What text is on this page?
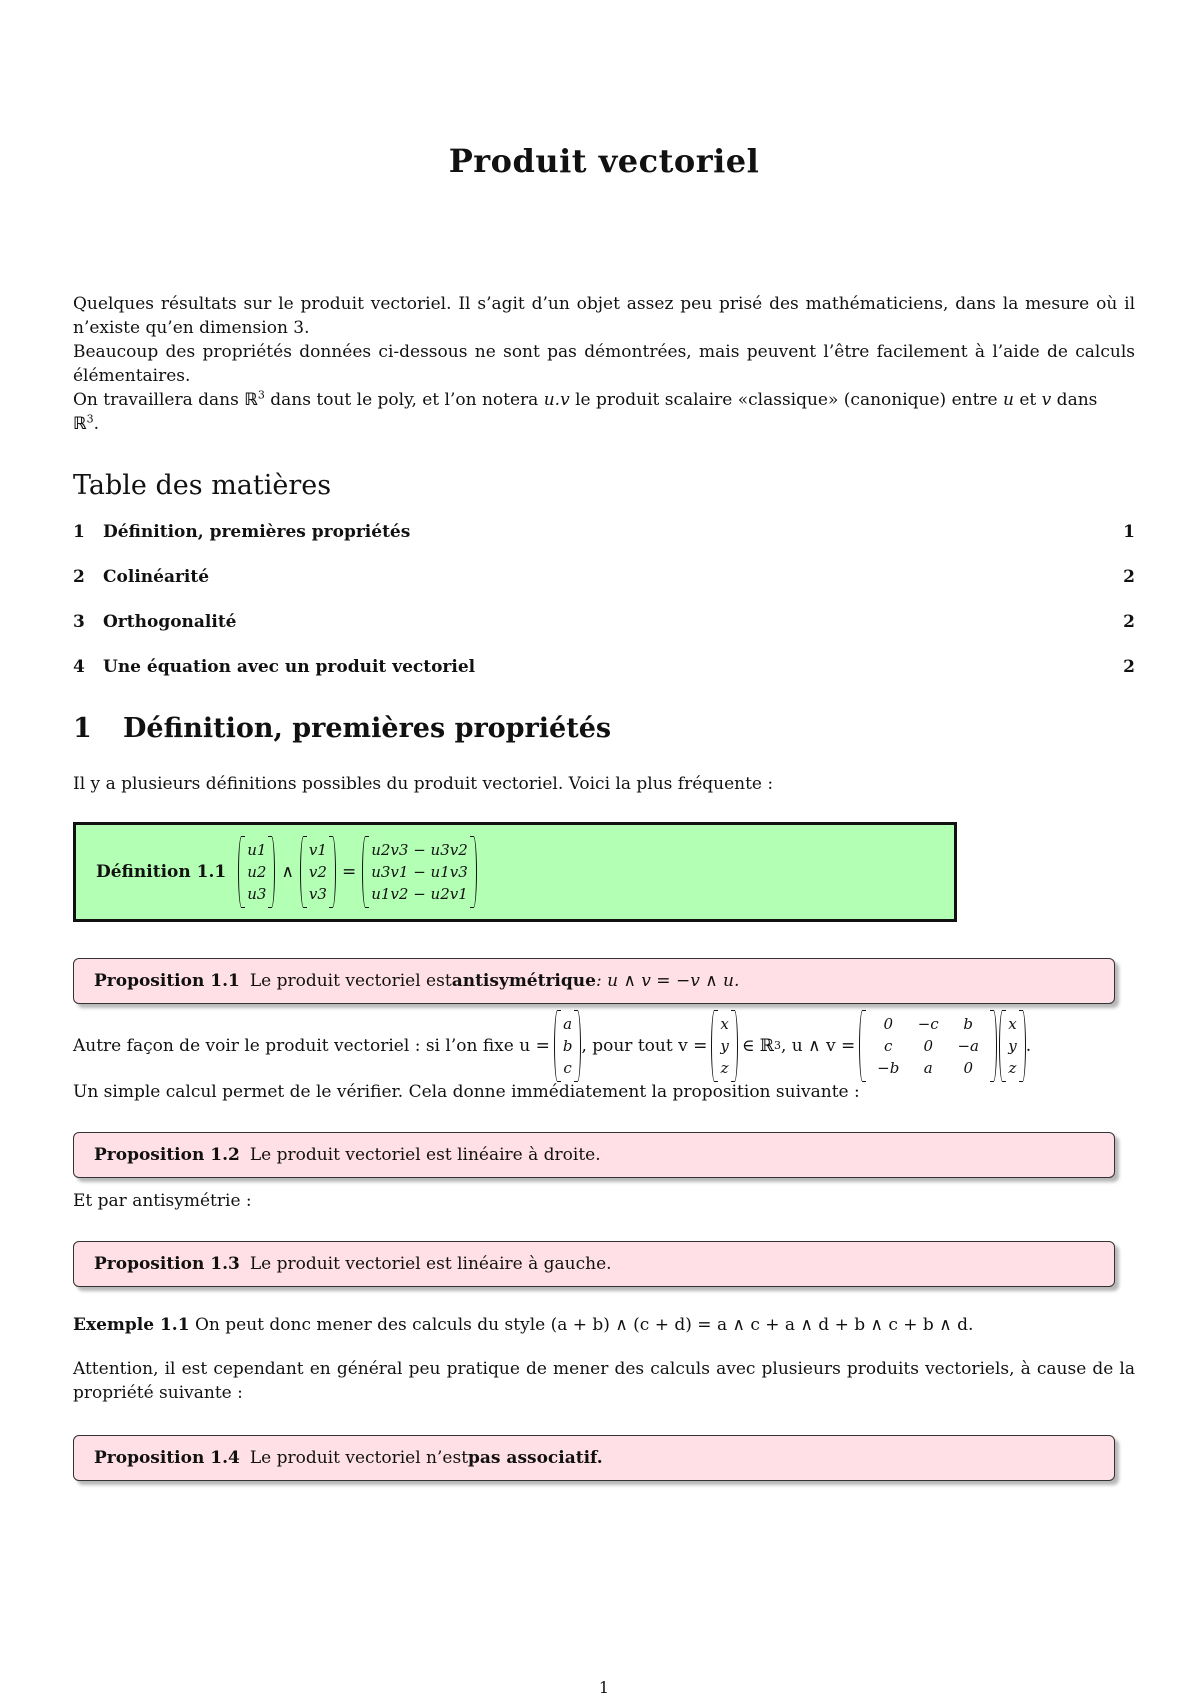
Produit vectoriel

Quelques résultats sur le produit vectoriel. Il s’agit d’un objet assez peu prisé des mathématiciens, dans la mesure où il n’existe qu’en dimension 3.

Beaucoup des propriétés données ci-dessous ne sont pas démontrées, mais peuvent l’être facilement à l’aide de calculs élémentaires.

On travaillera dans ℝ$^3$ dans tout le poly, et l’on notera u.v le produit scalaire «classique» (canonique) entre u et v dans
ℝ$^3$.

Table des matières
1	Définition, premières propriétés	1
2	Colinéarité	2
3	Orthogonalité	2
4	Une équation avec un produit vectoriel	2
1 Définition, premières propriétés
Il y a plusieurs définitions possibles du produit vectoriel. Voici la plus fréquente :
Définition 1.1
u1
u2
u3
∧
v1
v2
v3
=
u2v3 − u3v2
u3v1 − u1v3
u1v2 − u2v1
Proposition 1.1 Le produit vectoriel est antisymétrique : u ∧ v = −v ∧ u.
Autre façon de voir le produit vectoriel : si l’on fixe u =
a
b
c
, pour tout v =
x
y
z
∈ ℝ 3 , u ∧ v =
0	−c	b
c	0	−a
−b	a	0
x
y
z
.
Un simple calcul permet de le vérifier. Cela donne immédiatement la proposition suivante :
Proposition 1.2 Le produit vectoriel est linéaire à droite.
Et par antisymétrie :
Proposition 1.3 Le produit vectoriel est linéaire à gauche.
Exemple 1.1 On peut donc mener des calculs du style (a + b) ∧ (c + d) = a ∧ c + a ∧ d + b ∧ c + b ∧ d.
Attention, il est cependant en général peu pratique de mener des calculs avec plusieurs produits vectoriels, à cause de la propriété suivante :
Proposition 1.4 Le produit vectoriel n’est pas associatif.
1
